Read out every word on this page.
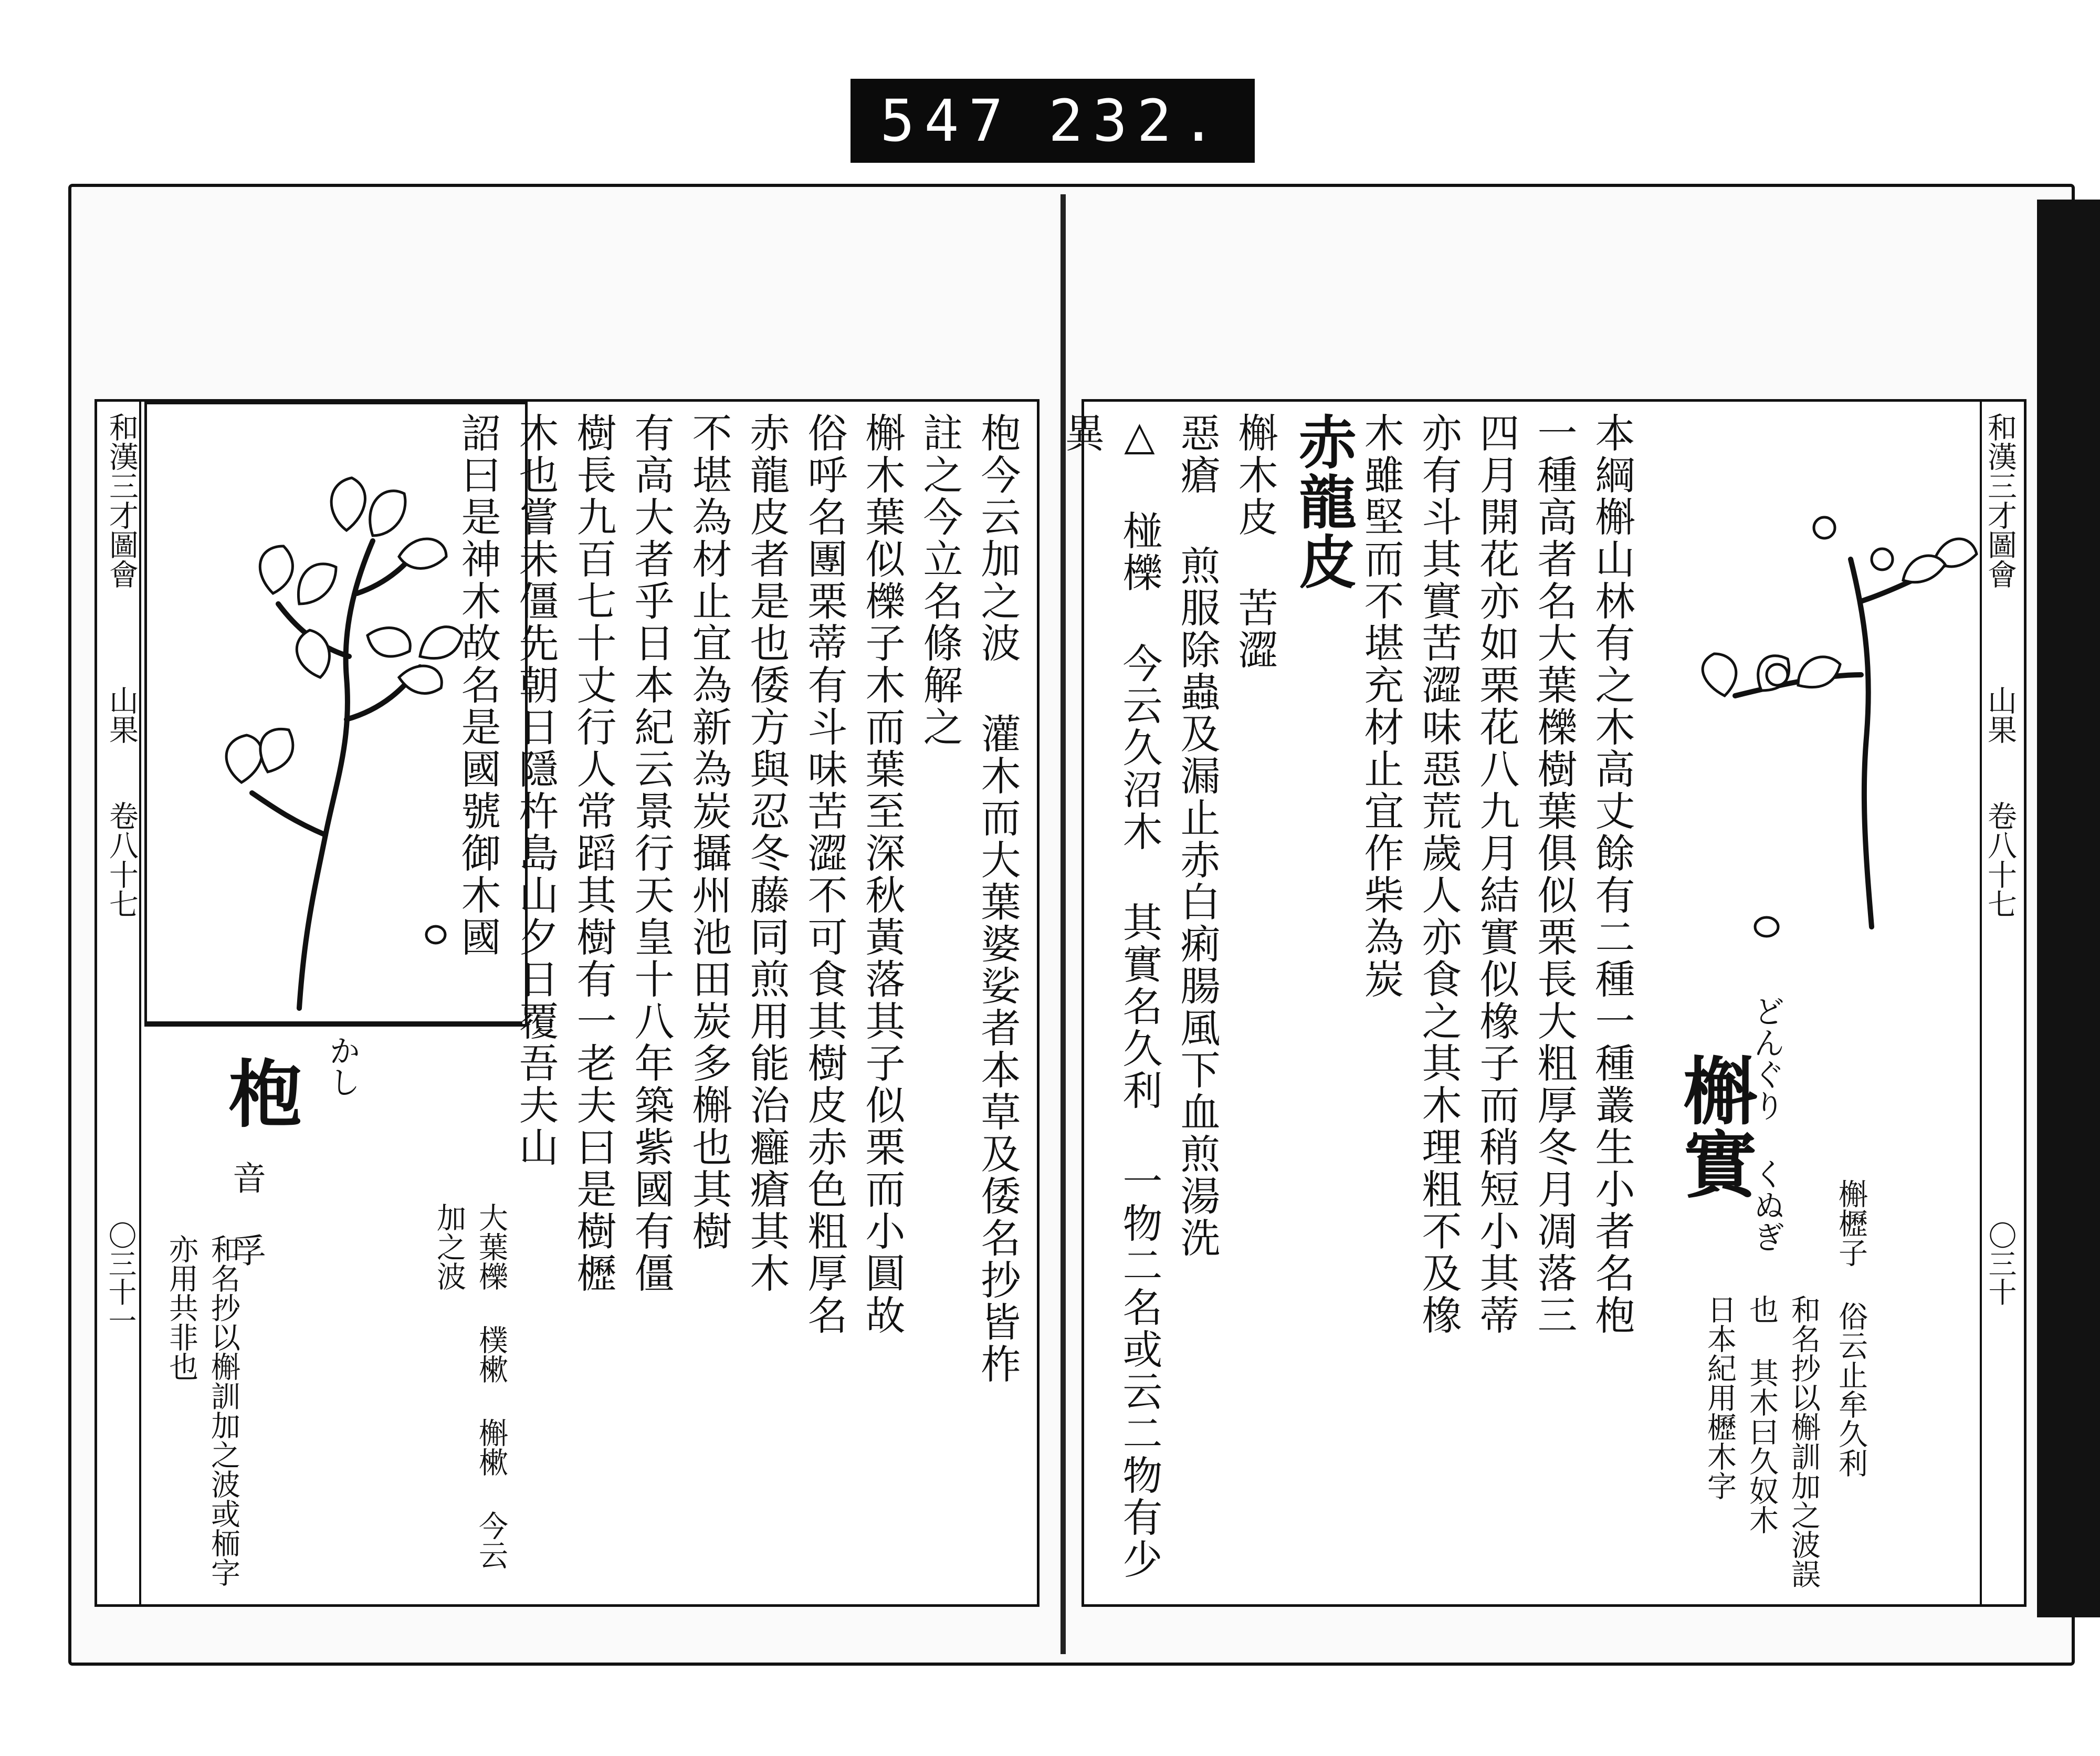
547 232.
和漢三才圖會
山果
卷八十七
〇三十一
枹 かし
音 孚	大葉櫟 樸樕 槲樕 今云加之波
和名抄以槲訓加之波或栭字亦用共非也	枹今云加之波 灌木而大葉婆娑者本草及倭名抄皆柞
註之今立名條解之
槲木葉似櫟子木而葉至深秋黃落其子似栗而小圓故
俗呼名團栗蒂有斗味苦澀不可食其樹皮赤色粗厚名
赤龍皮者是也倭方與忍冬藤同煎用能治癰瘡其木
不堪為材止宜為新為炭攝州池田炭多槲也其樹
有高大者乎日本紀云景行天皇十八年築紫國有僵
樹長九百七十丈行人常蹈其樹有一老夫曰是樹櫪
木也嘗未僵先朝日隱杵島山夕日覆吾夫山
詔曰是神木故名是國號御木國	和漢三才圖會
山果
卷八十七
〇三十
槲實
どんぐり くぬぎ
槲櫪子 俗云止牟久利
和名抄以槲訓加之波誤也 其木曰久奴木 日本紀用櫪木字
本綱槲山林有之木高丈餘有二種一種叢生小者名枹
一種高者名大葉櫟樹葉俱似栗長大粗厚冬月凋落三
四月開花亦如栗花八九月結實似橡子而稍短小其蒂
亦有斗其實苦澀味惡荒歲人亦食之其木理粗不及橡
木雖堅而不堪充材止宜作柴為炭
赤龍皮
槲木皮 苦澀
惡瘡 煎服除蟲及漏止赤白痢腸風下血煎湯洗
△ 椪櫟 今云久沼木 其實名久利 一物二名或云二物有少異
